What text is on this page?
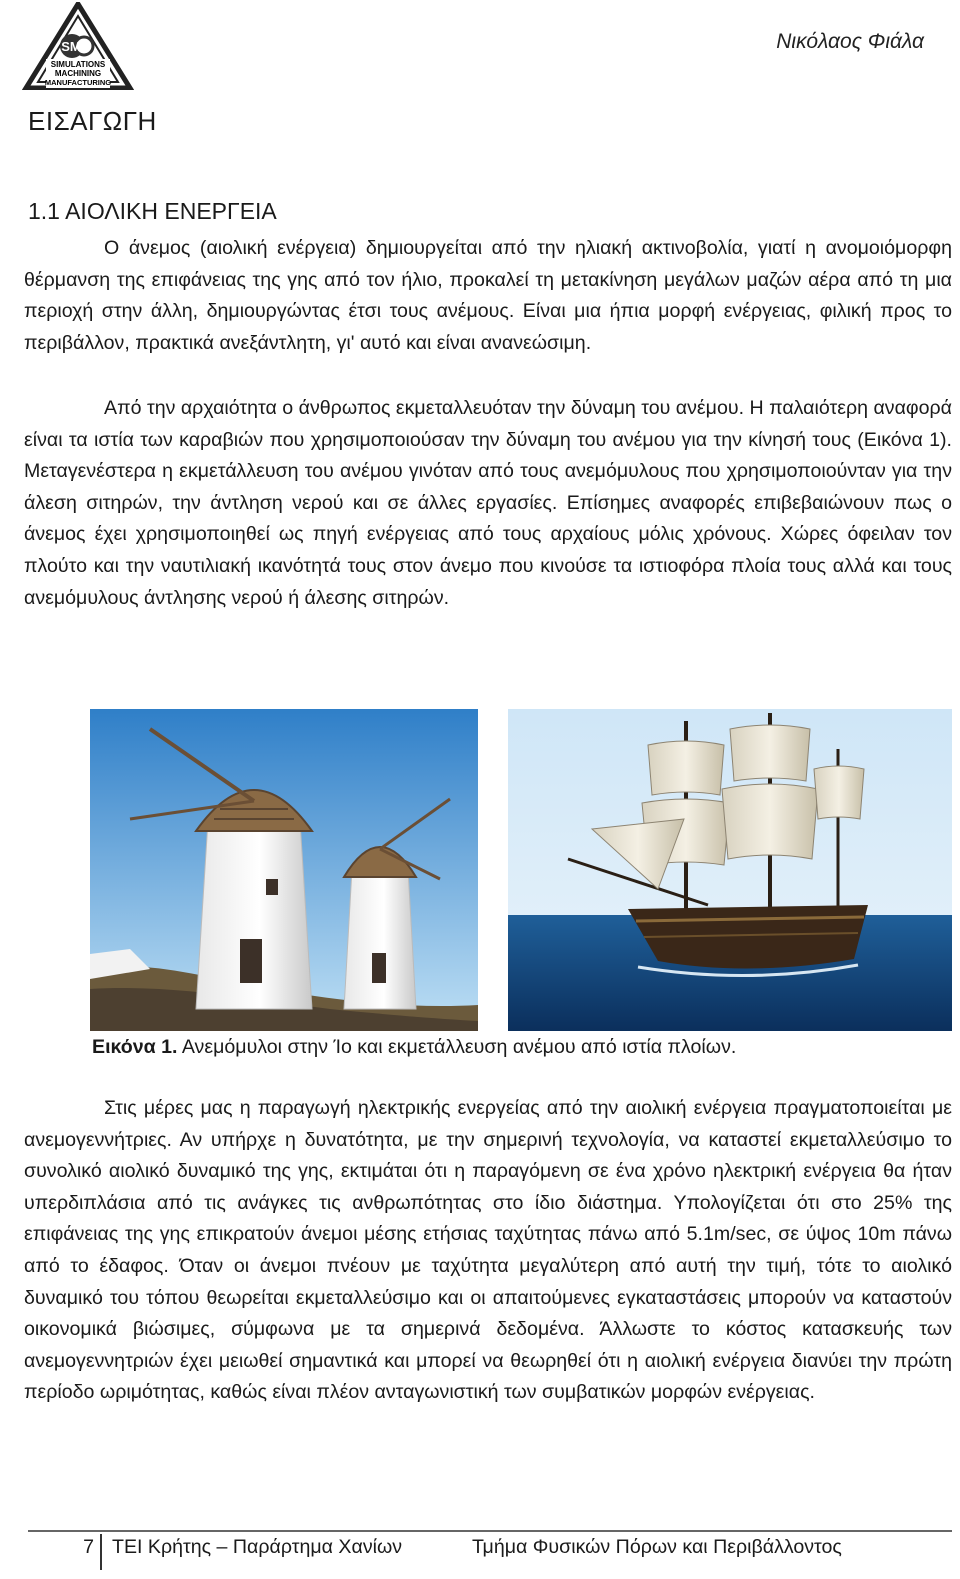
SM
SIMULATIONS
MACHINING
MANUFACTURING
Νικόλαος Φιάλα
ΕΙΣΑΓΩΓΗ
1.1 ΑΙΟΛΙΚΗ ΕΝΕΡΓΕΙΑ

Ο άνεμος (αιολική ενέργεια) δημιουργείται από την ηλιακή ακτινοβολία, γιατί η ανομοιόμορφη θέρμανση της επιφάνειας της γης από τον ήλιο, προκαλεί τη μετακίνηση μεγάλων μαζών αέρα από τη μια περιοχή στην άλλη, δημιουργώντας έτσι τους ανέμους. Είναι μια ήπια μορφή ενέργειας, φιλική προς το περιβάλλον, πρακτικά ανεξάντλητη, γι' αυτό και είναι ανανεώσιμη.

Από την αρχαιότητα ο άνθρωπος εκμεταλλευόταν την δύναμη του ανέμου. Η παλαιότερη αναφορά είναι τα ιστία των καραβιών που χρησιμοποιούσαν την δύναμη του ανέμου για την κίνησή τους (Εικόνα 1). Μεταγενέστερα η εκμετάλλευση του ανέμου γινόταν από τους ανεμόμυλους που χρησιμοποιούνταν για την άλεση σιτηρών, την άντληση νερού και σε άλλες εργασίες. Επίσημες αναφορές επιβεβαιώνουν πως ο άνεμος έχει χρησιμοποιηθεί ως πηγή ενέργειας από τους αρχαίους μόλις χρόνους. Χώρες όφειλαν τον πλούτο και την ναυτιλιακή ικανότητά τους στον άνεμο που κινούσε τα ιστιοφόρα πλοία τους αλλά και τους ανεμόμυλους άντλησης νερού ή άλεσης σιτηρών.

Εικόνα 1. Ανεμόμυλοι στην Ίο και εκμετάλλευση ανέμου από ιστία πλοίων.

Στις μέρες μας η παραγωγή ηλεκτρικής ενεργείας από την αιολική ενέργεια πραγματοποιείται με ανεμογεννήτριες. Αν υπήρχε η δυνατότητα, με την σημερινή τεχνολογία, να καταστεί εκμεταλλεύσιμο το συνολικό αιολικό δυναμικό της γης, εκτιμάται ότι η παραγόμενη σε ένα χρόνο ηλεκτρική ενέργεια θα ήταν υπερδιπλάσια από τις ανάγκες τις ανθρωπότητας στο ίδιο διάστημα. Υπολογίζεται ότι στο 25% της επιφάνειας της γης επικρατούν άνεμοι μέσης ετήσιας ταχύτητας πάνω από 5.1m/sec, σε ύψος 10m πάνω από το έδαφος. Όταν οι άνεμοι πνέουν με ταχύτητα μεγαλύτερη από αυτή την τιμή, τότε το αιολικό δυναμικό του τόπου θεωρείται εκμεταλλεύσιμο και οι απαιτούμενες εγκαταστάσεις μπορούν να καταστούν οικονομικά βιώσιμες, σύμφωνα με τα σημερινά δεδομένα. Άλλωστε το κόστος κατασκευής των ανεμογεννητριών έχει μειωθεί σημαντικά και μπορεί να θεωρηθεί ότι η αιολική ενέργεια διανύει την πρώτη περίοδο ωριμότητας, καθώς είναι πλέον ανταγωνιστική των συμβατικών μορφών ενέργειας.

7 ΤΕΙ Κρήτης – Παράρτημα Χανίων	Τμήμα Φυσικών Πόρων και Περιβάλλοντος
